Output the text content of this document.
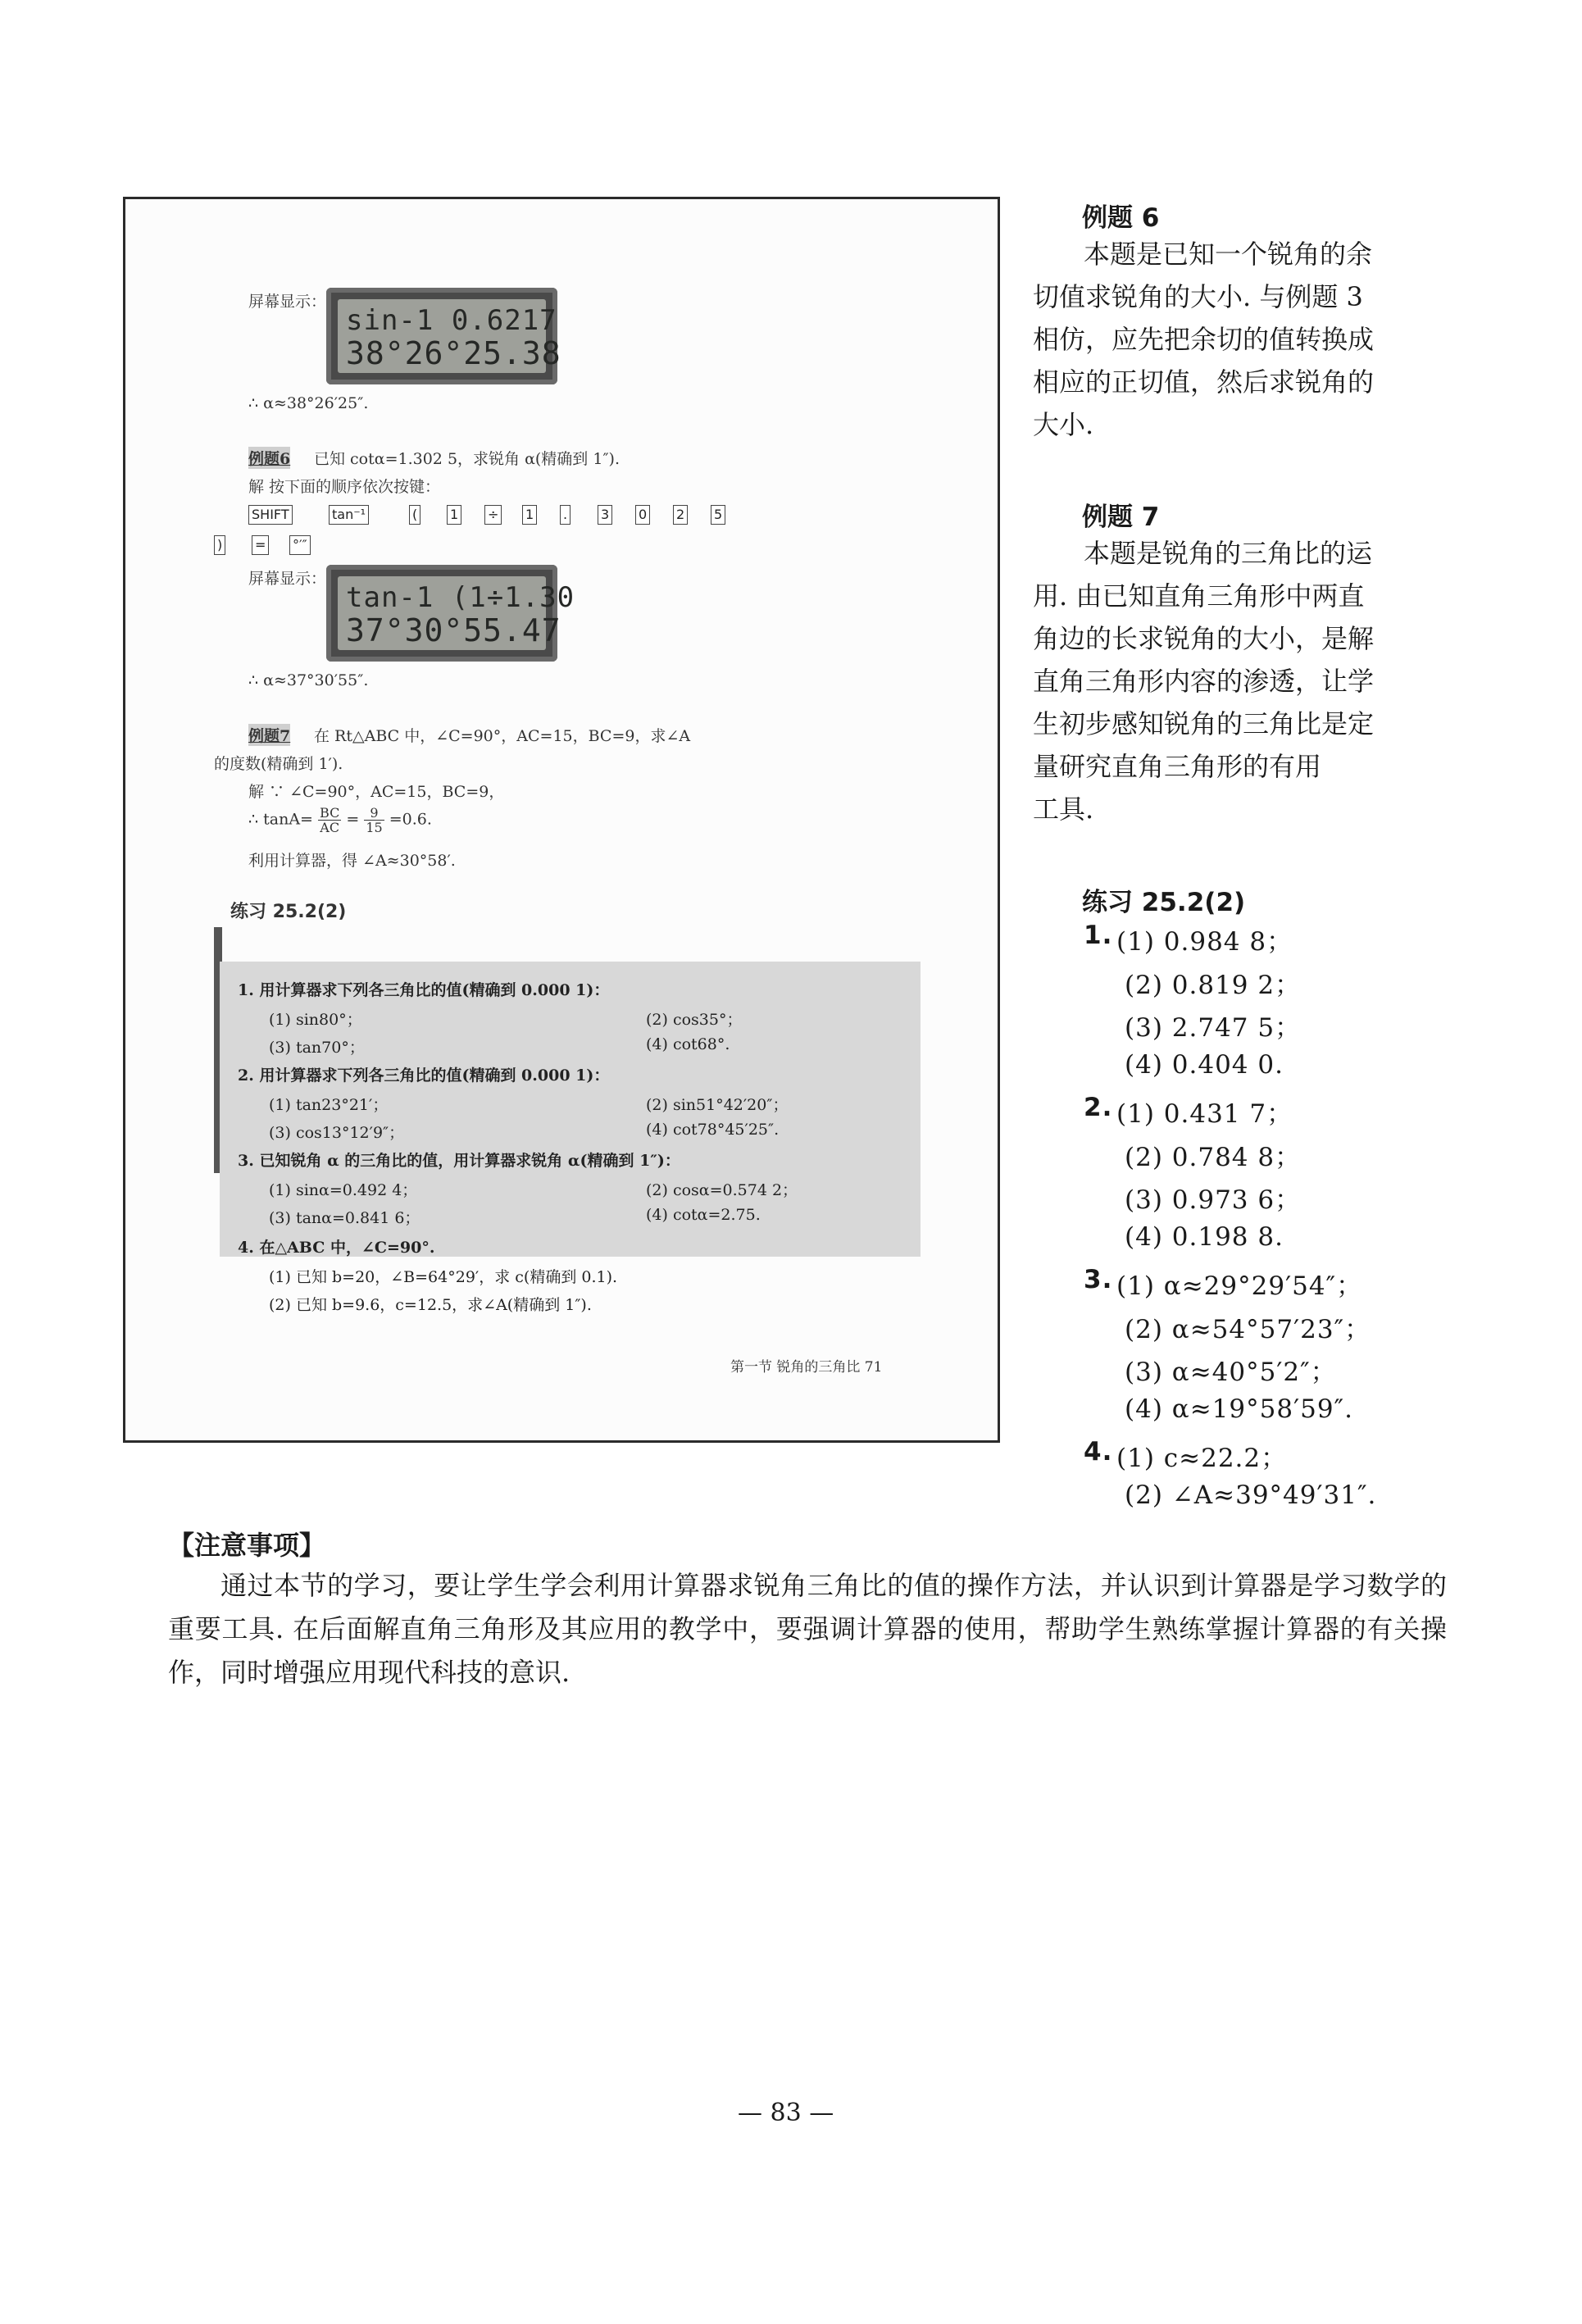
屏幕显示：
sin-1 0.6217
38°26°25.38
∴ α≈38°26′25″.
例题6 已知 cotα=1.302 5，求锐角 α(精确到 1″).
解 按下面的顺序依次按键：
屏幕显示：
tan-1 (1÷1.30
37°30°55.47
∴ α≈37°30′55″.
例题7 在 Rt△ABC 中，∠C=90°，AC=15，BC=9，求∠A
的度数(精确到 1′).
解 ∵ ∠C=90°，AC=15，BC=9，
∴ $\tan A= \frac{BC}{AC} = \frac{9}{15} =0.6$.
利用计算器，得 ∠A≈30°58′.
练习 25.2(2)
1. 用计算器求下列各三角比的值(精确到 0.000 1)：
(1) sin80°；	(2) cos35°；
(3) tan70°；	(4) cot68°.
2. 用计算器求下列各三角比的值(精确到 0.000 1)：
(1) tan23°21′；	(2) sin51°42′20″；
(3) cos13°12′9″；	(4) cot78°45′25″.
3. 已知锐角 α 的三角比的值，用计算器求锐角 α(精确到 1″)：
(1) sinα=0.492 4；	(2) cosα=0.574 2；
(3) tanα=0.841 6；	(4) cotα=2.75.
4. 在△ABC 中，∠C=90°.
(1) 已知 b=20，∠B=64°29′，求 c(精确到 0.1).
(2) 已知 b=9.6，c=12.5，求∠A(精确到 1″).
第一节 锐角的三角比 71
SHIFT	tan⁻¹	( 1 ÷ 1 .	3 0 2 5
) = °′″
例题 6
例题 7
练习 25.2(2)
【注意事项】
通过本节的学习，要让学生学会利用计算器求锐角三角比的值的操作方法，并认识到计算器是学习数学的重要工具. 在后面解直角三角形及其应用的教学中，要强调计算器的使用，帮助学生熟练掌握计算器的有关操作，同时增强应用现代科技的意识.
— 83 —
本题是已知一个锐角的余
切值求锐角的大小. 与例题 3
相仿，应先把余切的值转换成
相应的正切值，然后求锐角的
大小.
本题是锐角的三角比的运
用. 由已知直角三角形中两直
角边的长求锐角的大小，是解
直角三角形内容的渗透，让学
生初步感知锐角的三角比是定
量研究直角三角形的有用
工具.
1. (1) 0.984 8；
(2) 0.819 2；
(3) 2.747 5；
(4) 0.404 0.
2. (1) 0.431 7；
(2) 0.784 8；
(3) 0.973 6；
(4) 0.198 8.
3. (1) α≈29°29′54″；
(2) α≈54°57′23″；
(3) α≈40°5′2″；
(4) α≈19°58′59″.
4. (1) c≈22.2；
(2) ∠A≈39°49′31″.
